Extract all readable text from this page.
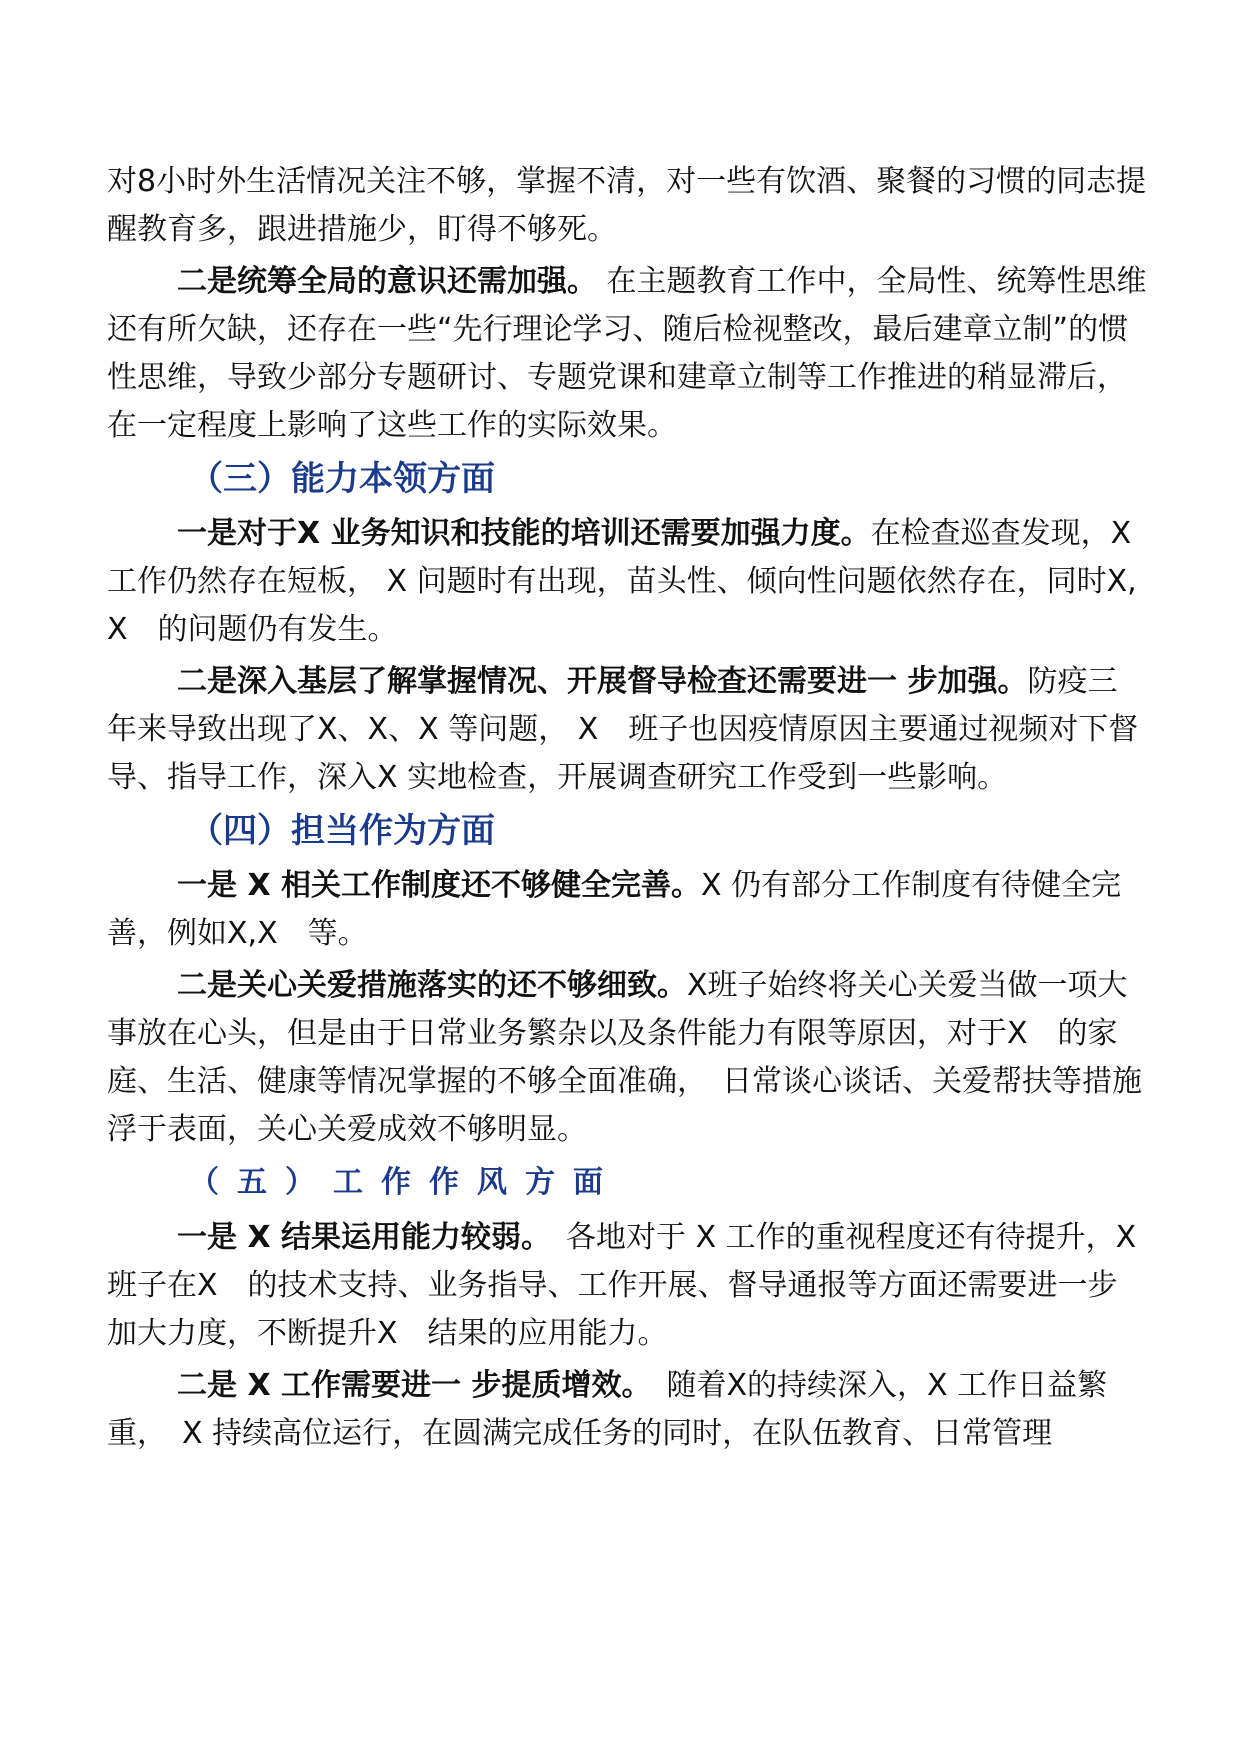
对8小时外生活情况关注不够，掌握不清，对一些有饮酒、聚餐的习惯的同志提醒教育多，跟进措施少，盯得不够死。

二是统筹全局的意识还需加强。 在主题教育工作中，全局性、统筹性思维还有所欠缺，还存在一些“先行理论学习、随后检视整改，最后建章立制”的惯性思维，导致少部分专题研讨、专题党课和建章立制等工作推进的稍显滞后，在一定程度上影响了这些工作的实际效果。

（三）能力本领方面

一是对于X 业务知识和技能的培训还需要加强力度。在检查巡查发现，X工作仍然存在短板， X 问题时有出现，苗头性、倾向性问题依然存在，同时X, X　的问题仍有发生。

二是深入基层了解掌握情况、开展督导检查还需要进一 步加强。防疫三年来导致出现了X、X、X 等问题， X　班子也因疫情原因主要通过视频对下督导、指导工作，深入X 实地检查，开展调查研究工作受到一些影响。

（四）担当作为方面

一是 X 相关工作制度还不够健全完善。X 仍有部分工作制度有待健全完善，例如X,X　等。

二是关心关爱措施落实的还不够细致。X班子始终将关心关爱当做一项大事放在心头，但是由于日常业务繁杂以及条件能力有限等原因，对于X　的家庭、生活、健康等情况掌握的不够全面准确，　日常谈心谈话、关爱帮扶等措施浮于表面，关心关爱成效不够明显。

（五）工作作风方面

一是 X 结果运用能力较弱。　各地对于 X 工作的重视程度还有待提升，X　班子在X　的技术支持、业务指导、工作开展、督导通报等方面还需要进一步加大力度，不断提升X　结果的应用能力。

二是 X 工作需要进一 步提质增效。　随着X的持续深入，X 工作日益繁重，　X 持续高位运行，在圆满完成任务的同时，在队伍教育、日常管理
